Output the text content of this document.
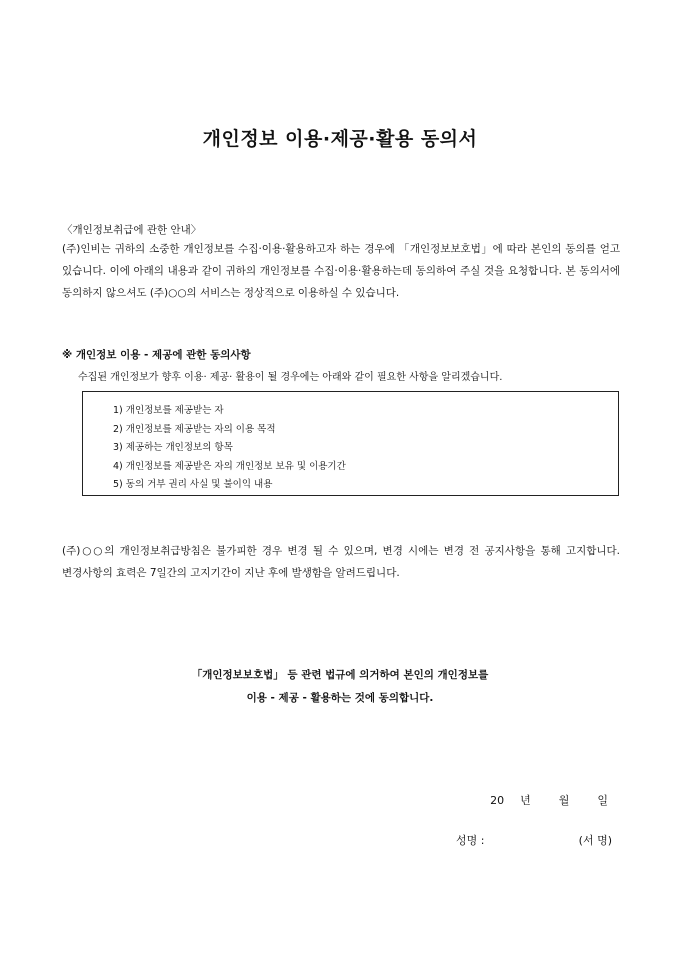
개인정보 이용·제공·활용 동의서

〈개인정보취급에 관한 안내〉

(주)인비는 귀하의 소중한 개인정보를 수집·이용·활용하고자 하는 경우에 「개인정보보호법」에 따라 본인의 동의를 얻고 있습니다. 이에 아래의 내용과 같이 귀하의 개인정보를 수집·이용·활용하는데 동의하여 주실 것을 요청합니다. 본 동의서에 동의하지 않으셔도 (주)○○의 서비스는 정상적으로 이용하실 수 있습니다.

※ 개인정보 이용 - 제공에 관한 동의사항

수집된 개인정보가 향후 이용· 제공· 활용이 될 경우에는 아래와 같이 필요한 사항을 알리겠습니다.

1) 개인정보를 제공받는 자
2) 개인정보를 제공받는 자의 이용 목적
3) 제공하는 개인정보의 항목
4) 개인정보를 제공받은 자의 개인정보 보유 및 이용기간
5) 동의 거부 권리 사실 및 불이익 내용

(주)○○의 개인정보취급방침은 불가피한 경우 변경 될 수 있으며, 변경 시에는 변경 전 공지사항을 통해 고지합니다. 변경사항의 효력은 7일간의 고지기간이 지난 후에 발생함을 알려드립니다.

「개인정보보호법」 등 관련 법규에 의거하여 본인의 개인정보를

이용 - 제공 - 활용하는 것에 동의합니다.

20 년	월	일
성명 :	(서 명)
